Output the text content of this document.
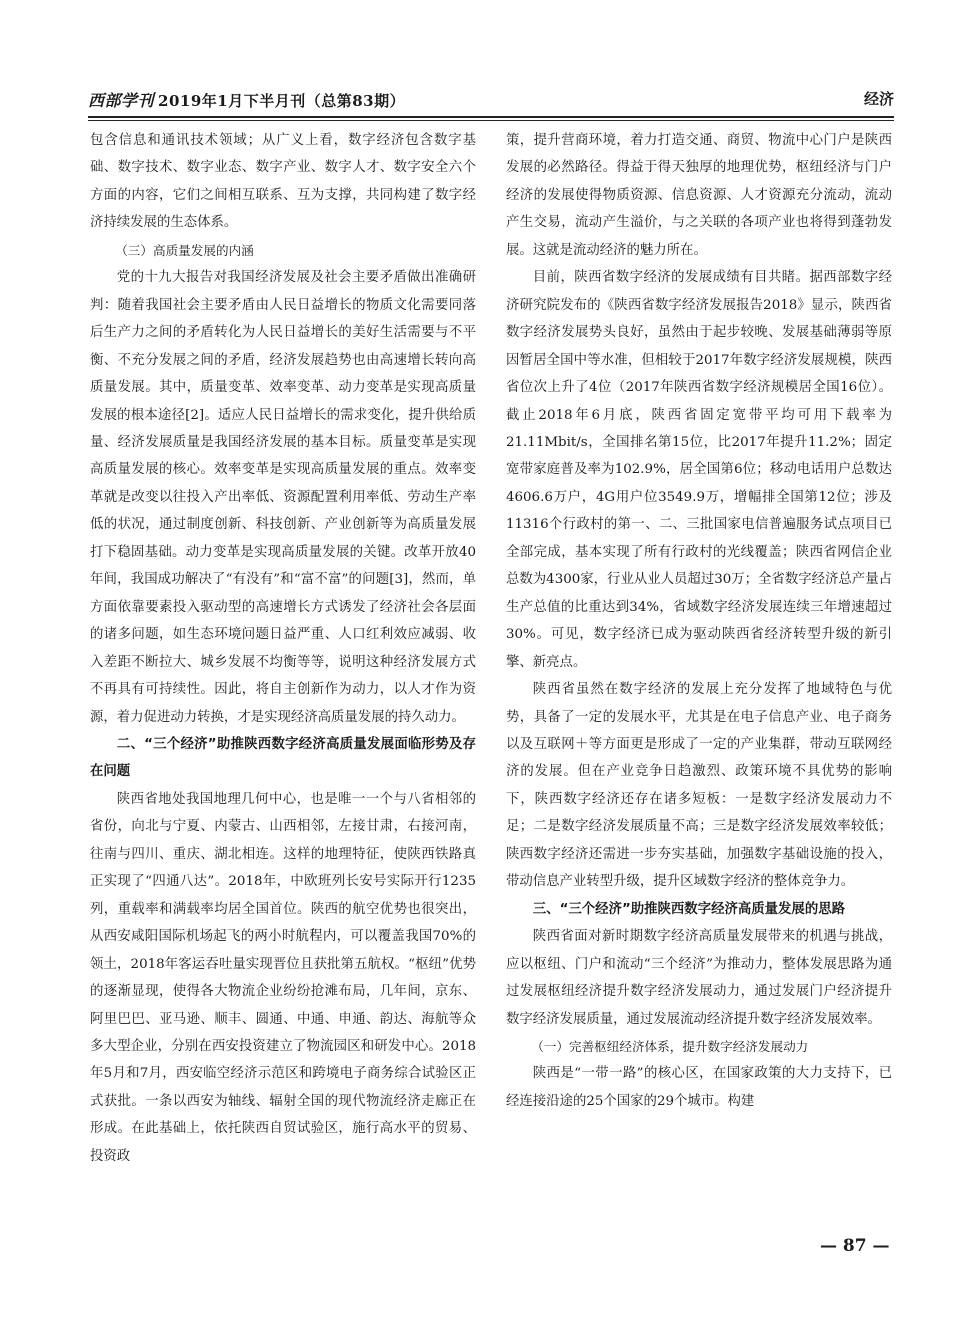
西部学刊 2019年1月下半月刊（总第83期）	经济

包含信息和通讯技术领域；从广义上看，数字经济包含数字基础、数字技术、数字业态、数字产业、数字人才、数字安全六个方面的内容，它们之间相互联系、互为支撑，共同构建了数字经济持续发展的生态体系。

（三）高质量发展的内涵

党的十九大报告对我国经济发展及社会主要矛盾做出准确研判：随着我国社会主要矛盾由人民日益增长的物质文化需要同落后生产力之间的矛盾转化为人民日益增长的美好生活需要与不平衡、不充分发展之间的矛盾，经济发展趋势也由高速增长转向高质量发展。其中，质量变革、效率变革、动力变革是实现高质量发展的根本途径[2]。适应人民日益增长的需求变化，提升供给质量、经济发展质量是我国经济发展的基本目标。质量变革是实现高质量发展的核心。效率变革是实现高质量发展的重点。效率变革就是改变以往投入产出率低、资源配置利用率低、劳动生产率低的状况，通过制度创新、科技创新、产业创新等为高质量发展打下稳固基础。动力变革是实现高质量发展的关键。改革开放40年间，我国成功解决了“有没有”和“富不富”的问题[3]，然而，单方面依靠要素投入驱动型的高速增长方式诱发了经济社会各层面的诸多问题，如生态环境问题日益严重、人口红利效应减弱、收入差距不断拉大、城乡发展不均衡等等，说明这种经济发展方式不再具有可持续性。因此，将自主创新作为动力，以人才作为资源，着力促进动力转换，才是实现经济高质量发展的持久动力。

二、“三个经济”助推陕西数字经济高质量发展面临形势及存在问题

陕西省地处我国地理几何中心，也是唯一一个与八省相邻的省份，向北与宁夏、内蒙古、山西相邻，左接甘肃，右接河南，往南与四川、重庆、湖北相连。这样的地理特征，使陕西铁路真正实现了“四通八达”。2018年，中欧班列长安号实际开行1235列，重载率和满载率均居全国首位。陕西的航空优势也很突出，从西安咸阳国际机场起飞的两小时航程内，可以覆盖我国70%的领土，2018年客运吞吐量实现晋位且获批第五航权。“枢纽”优势的逐渐显现，使得各大物流企业纷纷抢滩布局，几年间，京东、阿里巴巴、亚马逊、顺丰、圆通、中通、申通、韵达、海航等众多大型企业，分别在西安投资建立了物流园区和研发中心。2018年5月和7月，西安临空经济示范区和跨境电子商务综合试验区正式获批。一条以西安为轴线、辐射全国的现代物流经济走廊正在形成。在此基础上，依托陕西自贸试验区，施行高水平的贸易、投资政

策，提升营商环境，着力打造交通、商贸、物流中心门户是陕西发展的必然路径。得益于得天独厚的地理优势，枢纽经济与门户经济的发展使得物质资源、信息资源、人才资源充分流动，流动产生交易，流动产生溢价，与之关联的各项产业也将得到蓬勃发展。这就是流动经济的魅力所在。

目前，陕西省数字经济的发展成绩有目共睹。据西部数字经济研究院发布的《陕西省数字经济发展报告2018》显示，陕西省数字经济发展势头良好，虽然由于起步较晚、发展基础薄弱等原因暂居全国中等水准，但相较于2017年数字经济发展规模，陕西省位次上升了4位（2017年陕西省数字经济规模居全国16位）。截止2018年6月底，陕西省固定宽带平均可用下载率为21.11Mbit/s，全国排名第15位，比2017年提升11.2%；固定宽带家庭普及率为102.9%，居全国第6位；移动电话用户总数达4606.6万户，4G用户位3549.9万，增幅排全国第12位；涉及11316个行政村的第一、二、三批国家电信普遍服务试点项目已全部完成，基本实现了所有行政村的光线覆盖；陕西省网信企业总数为4300家，行业从业人员超过30万；全省数字经济总产量占生产总值的比重达到34%，省域数字经济发展连续三年增速超过30%。可见，数字经济已成为驱动陕西省经济转型升级的新引擎、新亮点。

陕西省虽然在数字经济的发展上充分发挥了地域特色与优势，具备了一定的发展水平，尤其是在电子信息产业、电子商务以及互联网＋等方面更是形成了一定的产业集群，带动互联网经济的发展。但在产业竞争日趋激烈、政策环境不具优势的影响下，陕西数字经济还存在诸多短板：一是数字经济发展动力不足；二是数字经济发展质量不高；三是数字经济发展效率较低；陕西数字经济还需进一步夯实基础，加强数字基础设施的投入，带动信息产业转型升级，提升区域数字经济的整体竞争力。

三、“三个经济”助推陕西数字经济高质量发展的思路

陕西省面对新时期数字经济高质量发展带来的机遇与挑战，应以枢纽、门户和流动“三个经济”为推动力，整体发展思路为通过发展枢纽经济提升数字经济发展动力，通过发展门户经济提升数字经济发展质量，通过发展流动经济提升数字经济发展效率。

（一）完善枢纽经济体系，提升数字经济发展动力

陕西是“一带一路”的核心区，在国家政策的大力支持下，已经连接沿途的25个国家的29个城市。构建

— 87 —
